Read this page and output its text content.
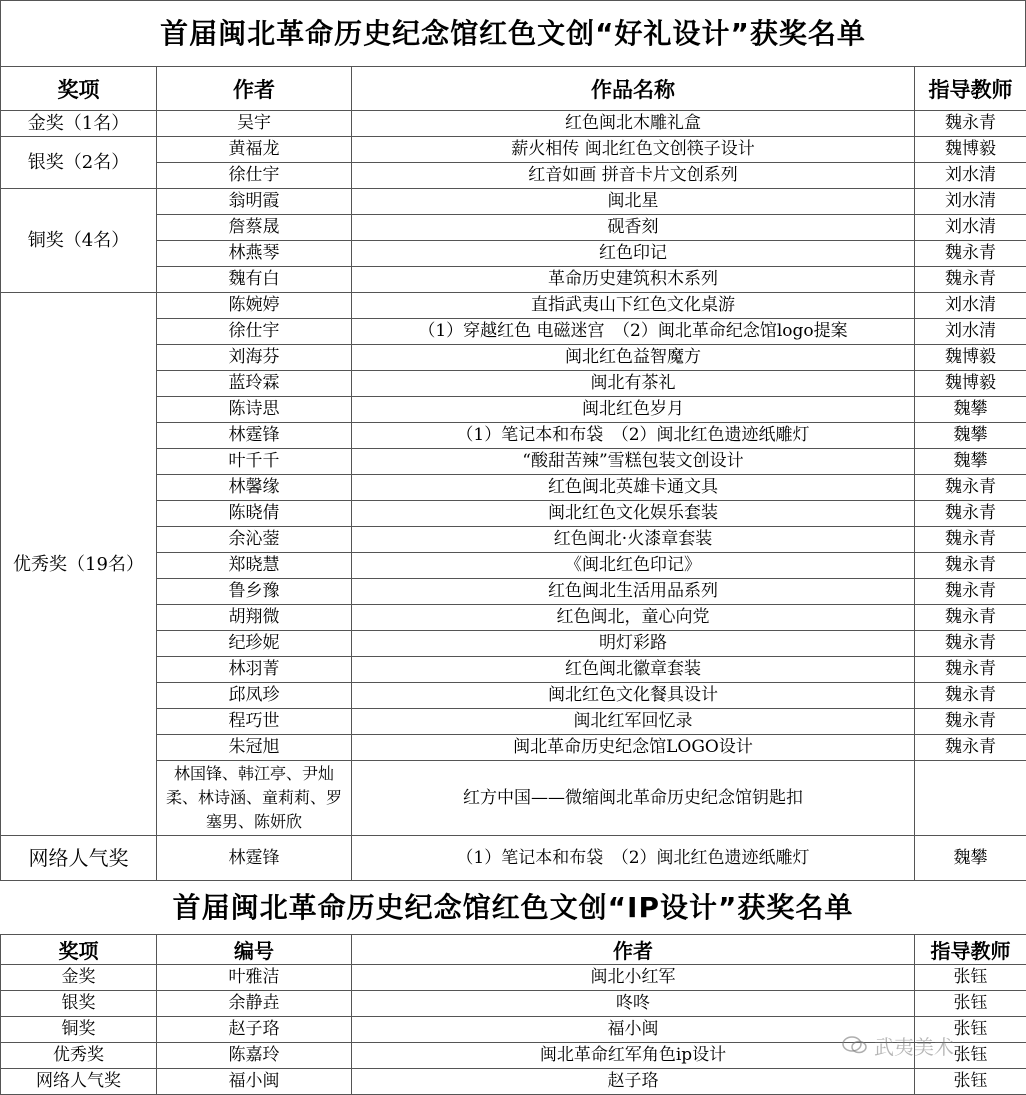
首届闽北革命历史纪念馆红色文创“好礼设计”获奖名单
奖项	作者	作品名称	指导教师
金奖（1名）	吴宇	红色闽北木雕礼盒	魏永青
银奖（2名）	黄福龙	薪火相传 闽北红色文创筷子设计	魏博毅
	徐仕宇	红音如画 拼音卡片文创系列	刘水清
铜奖（4名）	翁明霞	闽北星	刘水清
	詹蔡晟	砚香刻	刘水清
	林燕琴	红色印记	魏永青
	魏有白	革命历史建筑积木系列	魏永青
优秀奖（19名）	陈婉婷	直指武夷山下红色文化桌游	刘水清
	徐仕宇	（1）穿越红色 电磁迷宫　（2）闽北革命纪念馆logo提案	刘水清
	刘海芬	闽北红色益智魔方	魏博毅
	蓝玲霖	闽北有茶礼	魏博毅
	陈诗思	闽北红色岁月	魏攀
	林霆锋	（1）笔记本和布袋　（2）闽北红色遗迹纸雕灯	魏攀
	叶千千	“酸甜苦辣”雪糕包装文创设计	魏攀
	林馨缘	红色闽北英雄卡通文具	魏永青
	陈晓倩	闽北红色文化娱乐套装	魏永青
	余沁蓥	红色闽北·火漆章套装	魏永青
	郑晓慧	《闽北红色印记》	魏永青
	鲁乡豫	红色闽北生活用品系列	魏永青
	胡翔微	红色闽北，童心向党	魏永青
	纪珍妮	明灯彩路	魏永青
	林羽菁	红色闽北徽章套装	魏永青
	邱凤珍	闽北红色文化餐具设计	魏永青
	程巧世	闽北红军回忆录	魏永青
	朱冠旭	闽北革命历史纪念馆LOGO设计	魏永青
	林国锋、韩江亭、尹灿柔、林诗涵、童莉莉、罗塞男、陈妍欣	红方中国——微缩闽北革命历史纪念馆钥匙扣	
网络人气奖	林霆锋	（1）笔记本和布袋　（2）闽北红色遗迹纸雕灯	魏攀
首届闽北革命历史纪念馆红色文创“IP设计”获奖名单
奖项	编号	作者	指导教师
金奖	叶雅洁	闽北小红军	张钰
银奖	余静垚	咚咚	张钰
铜奖	赵子珞	福小闽	张钰
优秀奖	陈嘉玲	闽北革命红军角色ip设计	张钰
网络人气奖	福小闽	赵子珞	张钰
武夷美术
